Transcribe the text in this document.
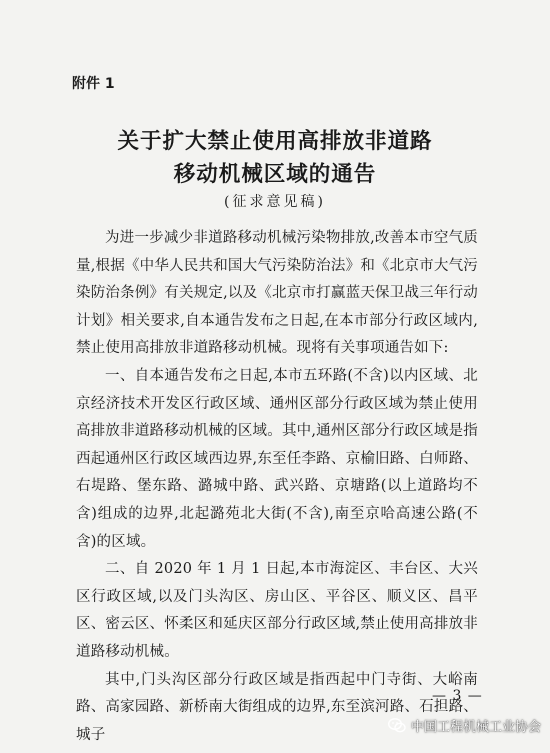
附件 1
关于扩大禁止使用高排放非道路
移动机械区域的通告
(征求意见稿)

为进一步减少非道路移动机械污染物排放,改善本市空气质量,根据《中华人民共和国大气污染防治法》和《北京市大气污染防治条例》有关规定,以及《北京市打赢蓝天保卫战三年行动计划》相关要求,自本通告发布之日起,在本市部分行政区域内,禁止使用高排放非道路移动机械。现将有关事项通告如下:

一、自本通告发布之日起,本市五环路(不含)以内区域、北京经济技术开发区行政区域、通州区部分行政区域为禁止使用高排放非道路移动机械的区域。其中,通州区部分行政区域是指西起通州区行政区域西边界,东至任李路、京榆旧路、白师路、右堤路、堡东路、潞城中路、武兴路、京塘路(以上道路均不含)组成的边界,北起潞苑北大街(不含),南至京哈高速公路(不含)的区域。

二、自 2020 年 1 月 1 日起,本市海淀区、丰台区、大兴区行政区域,以及门头沟区、房山区、平谷区、顺义区、昌平区、密云区、怀柔区和延庆区部分行政区域,禁止使用高排放非道路移动机械。

其中,门头沟区部分行政区域是指西起中门寺街、大峪南路、高家园路、新桥南大街组成的边界,东至滨河路、石担路、城子

— 3 —
中国工程机械工业协会
